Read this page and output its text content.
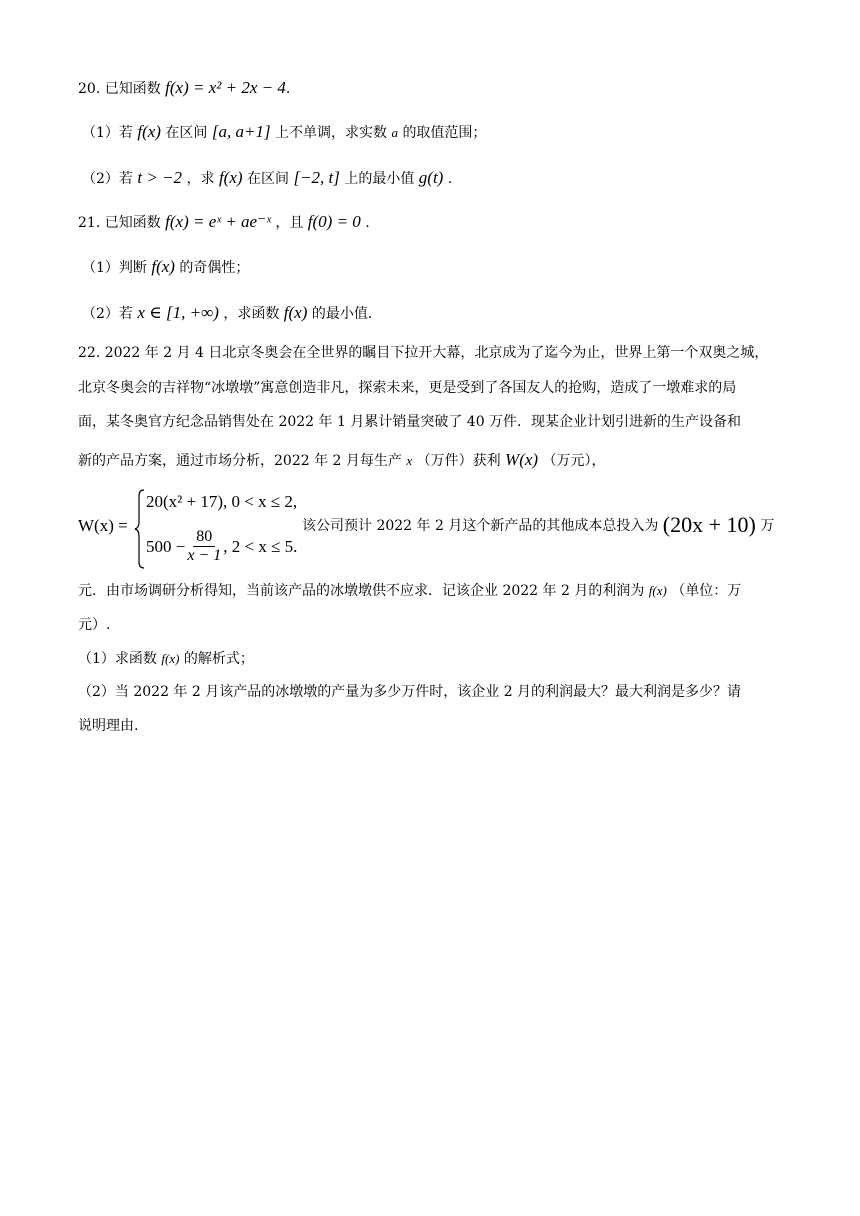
20. 已知函数 f(x) = x² + 2x − 4.
（1）若 f(x) 在区间 [a, a+1] 上不单调，求实数 a 的取值范围；
（2）若 t > −2 ，求 f(x) 在区间 [−2, t] 上的最小值 g(t) .
21. 已知函数 f(x) = eˣ + ae⁻ˣ ，且 f(0) = 0 .
（1）判断 f(x) 的奇偶性；
（2）若 x ∈ [1, +∞) ，求函数 f(x) 的最小值.
22. 2022 年 2 月 4 日北京冬奥会在全世界的瞩目下拉开大幕，北京成为了迄今为止，世界上第一个双奥之城，
北京冬奥会的吉祥物“冰墩墩”寓意创造非凡，探索未来，更是受到了各国友人的抢购，造成了一墩难求的局
面，某冬奥官方纪念品销售处在 2022 年 1 月累计销量突破了 40 万件．现某企业计划引进新的生产设备和
新的产品方案，通过市场分析，2022 年 2 月每生产 x （万件）获利 W(x) （万元），
W(x) =
20(x² + 17), 0 < x ≤ 2,
$500 - \frac{80}{x - 1}$ , 2 < x ≤ 5.
该公司预计 2022 年 2 月这个新产品的其他成本总投入为 (20x + 10) 万
元．由市场调研分析得知，当前该产品的冰墩墩供不应求．记该企业 2022 年 2 月的利润为 f(x) （单位：万
元）.
（1）求函数 f(x) 的解析式；
（2）当 2022 年 2 月该产品的冰墩墩的产量为多少万件时，该企业 2 月的利润最大？最大利润是多少？请
说明理由.
